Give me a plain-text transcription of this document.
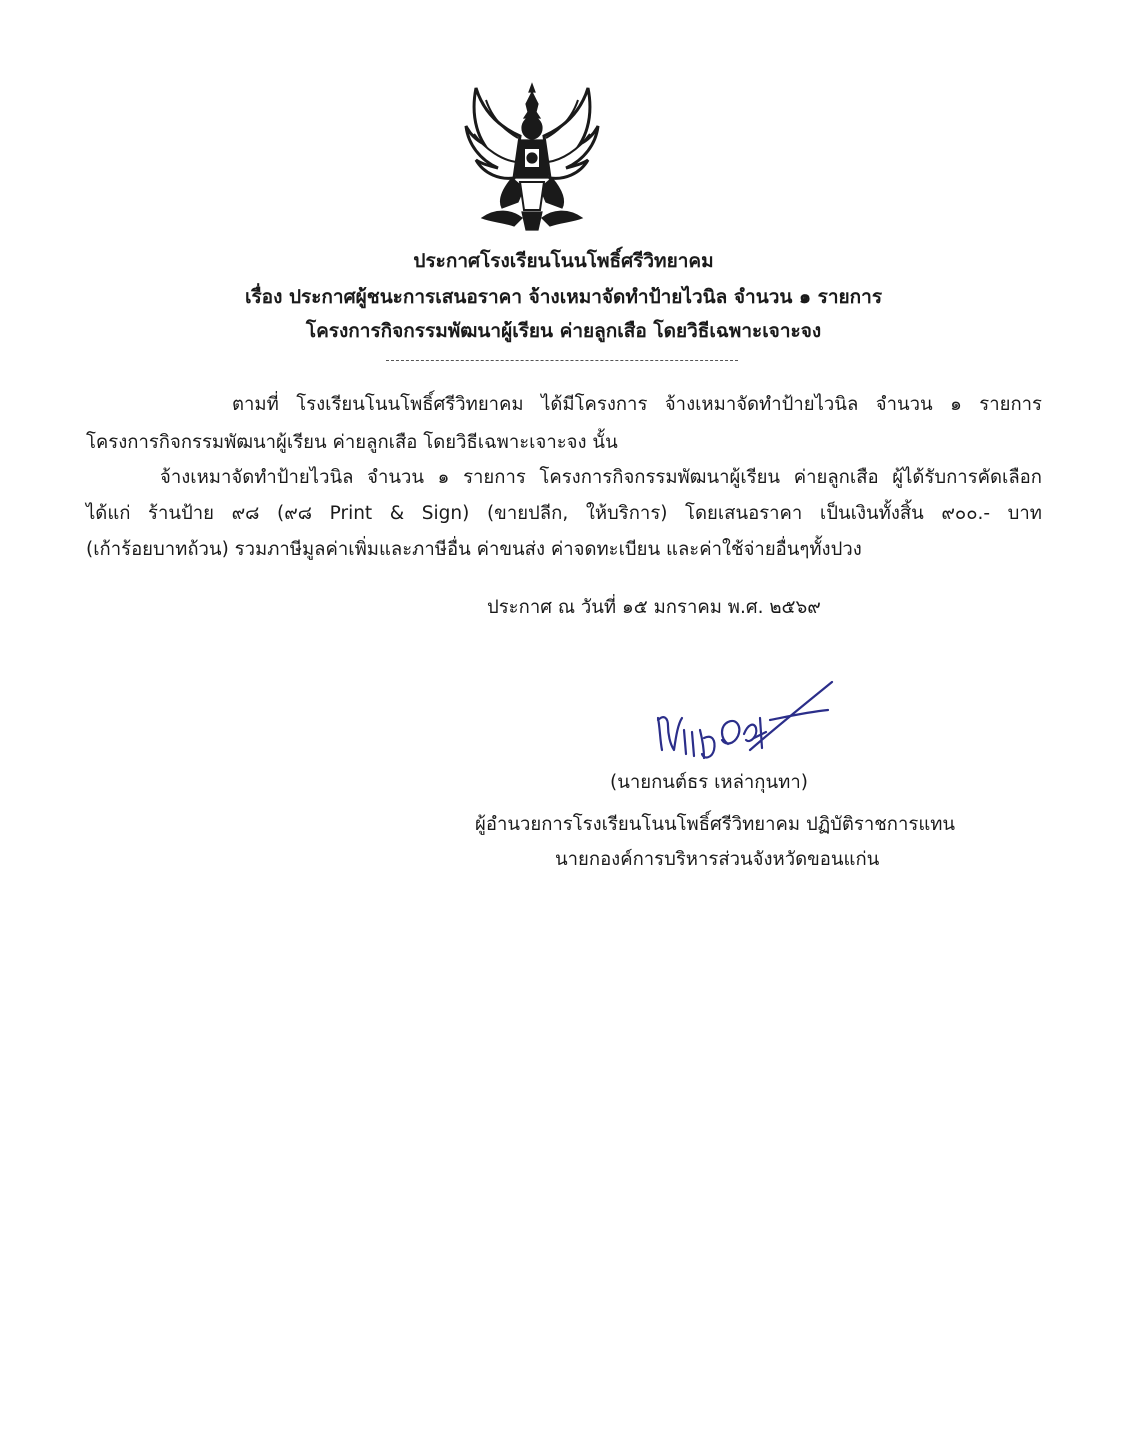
ประกาศโรงเรียนโนนโพธิ์ศรีวิทยาคม
เรื่อง ประกาศผู้ชนะการเสนอราคา จ้างเหมาจัดทำป้ายไวนิล จำนวน ๑ รายการ
โครงการกิจกรรมพัฒนาผู้เรียน ค่ายลูกเสือ โดยวิธีเฉพาะเจาะจง
ตามที่ โรงเรียนโนนโพธิ์ศรีวิทยาคม ได้มีโครงการ จ้างเหมาจัดทำป้ายไวนิล จำนวน ๑ รายการ
โครงการกิจกรรมพัฒนาผู้เรียน ค่ายลูกเสือ โดยวิธีเฉพาะเจาะจง นั้น
จ้างเหมาจัดทำป้ายไวนิล จำนวน ๑ รายการ โครงการกิจกรรมพัฒนาผู้เรียน ค่ายลูกเสือ ผู้ได้รับการคัดเลือก
ได้แก่ ร้านป้าย ๙๘ (๙๘ Print & Sign) (ขายปลีก, ให้บริการ) โดยเสนอราคา เป็นเงินทั้งสิ้น ๙๐๐.- บาท
(เก้าร้อยบาทถ้วน) รวมภาษีมูลค่าเพิ่มและภาษีอื่น ค่าขนส่ง ค่าจดทะเบียน และค่าใช้จ่ายอื่นๆทั้งปวง
ประกาศ ณ วันที่ ๑๕ มกราคม พ.ศ. ๒๕๖๙
(นายกนต์ธร เหล่ากุนทา)
ผู้อำนวยการโรงเรียนโนนโพธิ์ศรีวิทยาคม ปฏิบัติราชการแทน
นายกองค์การบริหารส่วนจังหวัดขอนแก่น
